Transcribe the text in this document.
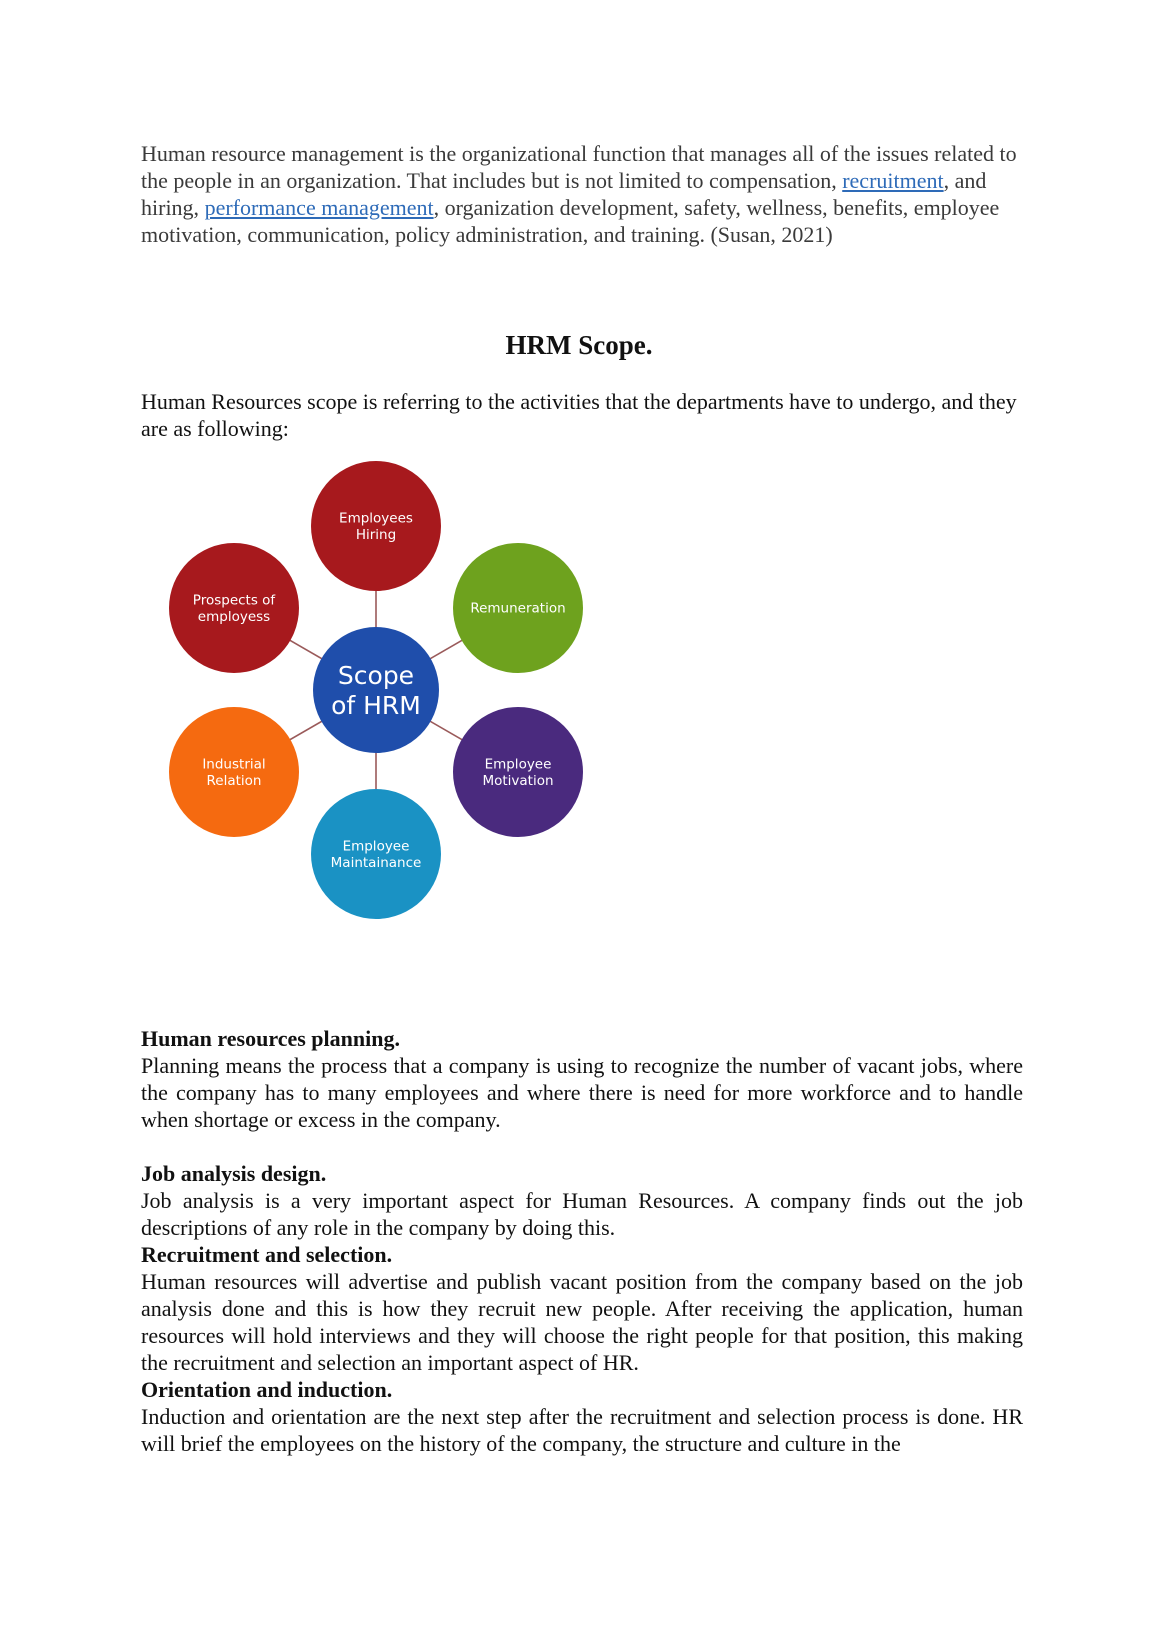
Human resource management is the organizational function that manages all of the issues related to the people in an organization. That includes but is not limited to compensation, recruitment, and hiring, performance management, organization development, safety, wellness, benefits, employee motivation, communication, policy administration, and training. (Susan, 2021)

HRM Scope.

Human Resources scope is referring to the activities that the departments have to undergo, and they are as following:

Employees
Hiring
Remuneration
Employee
Motivation
Employee
Maintainance
Industrial
Relation
Prospects of
employess
Scope
of HRM
Human resources planning.

Planning means the process that a company is using to recognize the number of vacant jobs, where the company has to many employees and where there is need for more workforce and to handle when shortage or excess in the company.

Job analysis design.

Job analysis is a very important aspect for Human Resources. A company finds out the job descriptions of any role in the company by doing this.

Recruitment and selection.

Human resources will advertise and publish vacant position from the company based on the job analysis done and this is how they recruit new people. After receiving the application, human resources will hold interviews and they will choose the right people for that position, this making the recruitment and selection an important aspect of HR.

Orientation and induction.

Induction and orientation are the next step after the recruitment and selection process is done. HR will brief the employees on the history of the company, the structure and culture in the
